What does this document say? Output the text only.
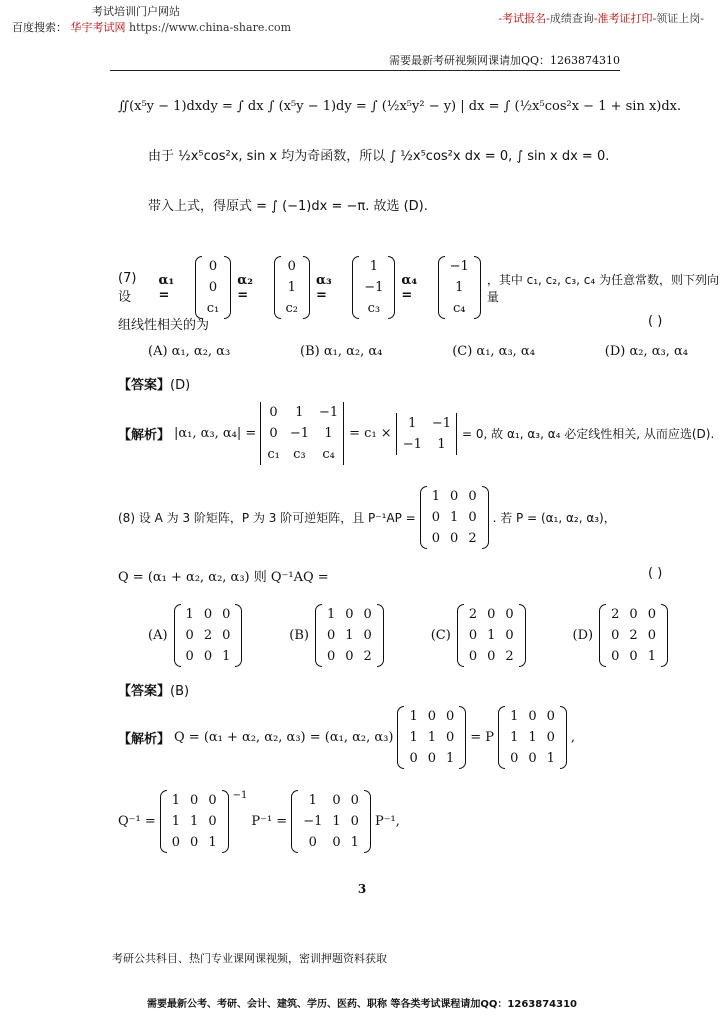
考试培训门户网站
百度搜索： 华宇考试网 https://www.china-share.com
-考试报名-成绩查询-准考证打印-领证上岗-
需要最新考研视频网课请加QQ：1263874310
∬(x⁵y − 1)dxdy = ∫ dx ∫ (x⁵y − 1)dy = ∫ (½x⁵y² − y) | dx = ∫ (½x⁵cos²x − 1 + sin x)dx.
由于 ½x⁵cos²x, sin x 均为奇函数，所以 ∫ ½x⁵cos²x dx = 0, ∫ sin x dx = 0.
带入上式，得原式 = ∫ (−1)dx = −π. 故选 (D).
(7) 设
α₁ =
0
0
c₁
α₂ =
0
1
c₂
α₃ =
1
−1
c₃
α₄ =
−1
1
c₄
，其中 c₁, c₂, c₃, c₄ 为任意常数，则下列向量
组线性相关的为	( )
(A) α₁, α₂, α₃	(B) α₁, α₂, α₄	(C) α₁, α₃, α₄	(D) α₂, α₃, α₄
【答案】(D)
【解析】 |α₁, α₃, α₄| =
0	1	−1
0	−1	1
c₁	c₃	c₄
= c₁ ×
1	−1
−1	1
= 0, 故 α₁, α₃, α₄ 必定线性相关, 从而应选(D).
(8) 设 A 为 3 阶矩阵，P 为 3 阶可逆矩阵，且 P⁻¹AP =
1	0	0
0	1	0
0	0	2
. 若 P = (α₁, α₂, α₃)，
Q = (α₁ + α₂, α₂, α₃) 则 Q⁻¹AQ =	( )
(A)
1	0	0
0	2	0
0	0	1
(B)
1	0	0
0	1	0
0	0	2
(C)
2	0	0
0	1	0
0	0	2
(D)
2	0	0
0	2	0
0	0	1
【答案】(B)
【解析】 Q = (α₁ + α₂, α₂, α₃) = (α₁, α₂, α₃)
1	0	0
1	1	0
0	0	1
= P
1	0	0
1	1	0
0	0	1
,
Q⁻¹ =
1	0	0
1	1	0
0	0	1
$^{-1}$
P⁻¹ =
1	0	0
−1	1	0
0	0	1
P⁻¹,
3
考研公共科目、热门专业课网课视频，密训押题资料获取
需要最新公考、考研、会计、建筑、学历、医药、职称 等各类考试课程请加QQ：1263874310
